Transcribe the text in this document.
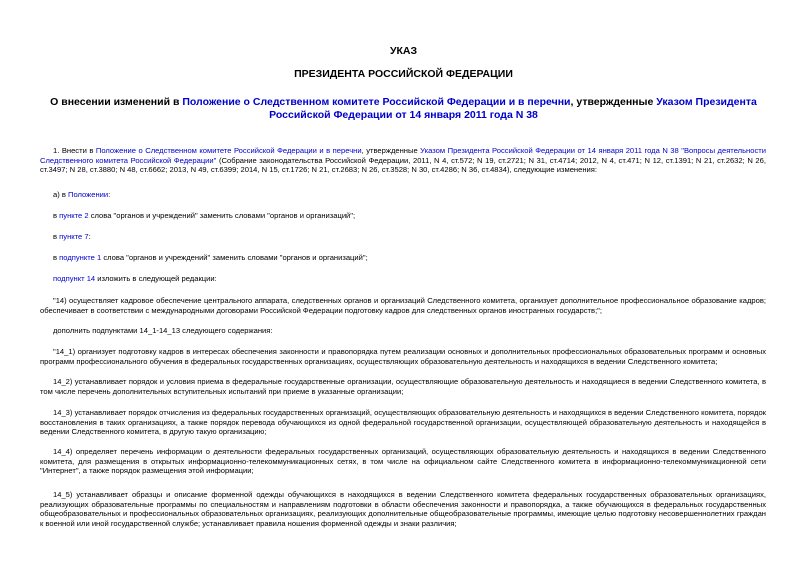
УКАЗ
ПРЕЗИДЕНТА РОССИЙСКОЙ ФЕДЕРАЦИИ
О внесении изменений в Положение о Следственном комитете Российской Федерации и в перечни, утвержденные Указом Президента Российской Федерации от 14 января 2011 года N 38
1. Внести в Положение о Следственном комитете Российской Федерации и в перечни, утвержденные Указом Президента Российской Федерации от 14 января 2011 года N 38 "Вопросы деятельности Следственного комитета Российской Федерации" (Собрание законодательства Российской Федерации, 2011, N 4, ст.572; N 19, ст.2721; N 31, ст.4714; 2012, N 4, ст.471; N 12, ст.1391; N 21, ст.2632; N 26, ст.3497; N 28, ст.3880; N 48, ст.6662; 2013, N 49, ст.6399; 2014, N 15, ст.1726; N 21, ст.2683; N 26, ст.3528; N 30, ст.4286; N 36, ст.4834), следующие изменения:
а) в Положении:
в пункте 2 слова "органов и учреждений" заменить словами "органов и организаций";
в пункте 7:
в подпункте 1 слова "органов и учреждений" заменить словами "органов и организаций";
подпункт 14 изложить в следующей редакции:
"14) осуществляет кадровое обеспечение центрального аппарата, следственных органов и организаций Следственного комитета, организует дополнительное профессиональное образование кадров; обеспечивает в соответствии с международными договорами Российской Федерации подготовку кадров для следственных органов иностранных государств;";
дополнить подпунктами 14_1-14_13 следующего содержания:
"14_1) организует подготовку кадров в интересах обеспечения законности и правопорядка путем реализации основных и дополнительных профессиональных образовательных программ и основных программ профессионального обучения в федеральных государственных организациях, осуществляющих образовательную деятельность и находящихся в ведении Следственного комитета;
14_2) устанавливает порядок и условия приема в федеральные государственные организации, осуществляющие образовательную деятельность и находящиеся в ведении Следственного комитета, в том числе перечень дополнительных вступительных испытаний при приеме в указанные организации;
14_3) устанавливает порядок отчисления из федеральных государственных организаций, осуществляющих образовательную деятельность и находящихся в ведении Следственного комитета, порядок восстановления в таких организациях, а также порядок перевода обучающихся из одной федеральной государственной организации, осуществляющей образовательную деятельность и находящейся в ведении Следственного комитета, в другую такую организацию;
14_4) определяет перечень информации о деятельности федеральных государственных организаций, осуществляющих образовательную деятельность и находящихся в ведении Следственного комитета, для размещения в открытых информационно-телекоммуникационных сетях, в том числе на официальном сайте Следственного комитета в информационно-телекоммуникационной сети "Интернет", а также порядок размещения этой информации;
14_5) устанавливает образцы и описание форменной одежды обучающихся в находящихся в ведении Следственного комитета федеральных государственных образовательных организациях, реализующих образовательные программы по специальностям и направлениям подготовки в области обеспечения законности и правопорядка, а также обучающихся в федеральных государственных общеобразовательных и профессиональных образовательных организациях, реализующих дополнительные общеобразовательные программы, имеющие целью подготовку несовершеннолетних граждан к военной или иной государственной службе; устанавливает правила ношения форменной одежды и знаки различия;
